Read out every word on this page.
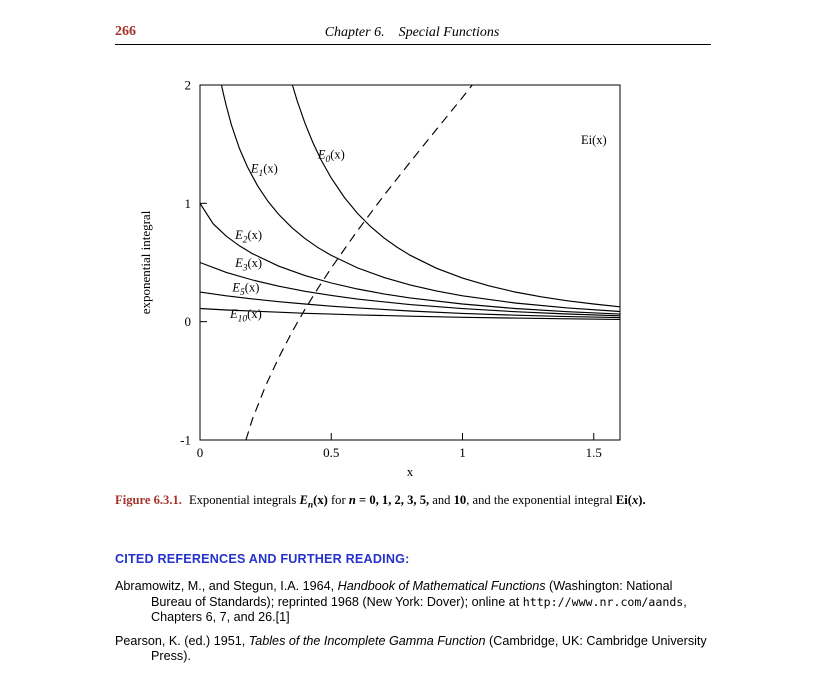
266	Chapter 6. Special Functions
0	0.5	1	1.5
-1
0
1
2
x
exponential integral
$E_1(x)$
$E_0(x)$
$E_2(x)$
$E_3(x)$
$E_5(x)$
$E_{10}(x)$
Ei(x)

Figure 6.3.1. Exponential integrals $E_n(x)$ for n = 0, 1, 2, 3, 5, and 10, and the exponential integral Ei(x).

CITED REFERENCES AND FURTHER READING:

Abramowitz, M., and Stegun, I.A. 1964, Handbook of Mathematical Functions (Washington: National Bureau of Standards); reprinted 1968 (New York: Dover); online at http://www.nr.com/aands, Chapters 6, 7, and 26.[1]

Pearson, K. (ed.) 1951, Tables of the Incomplete Gamma Function (Cambridge, UK: Cambridge University Press).
